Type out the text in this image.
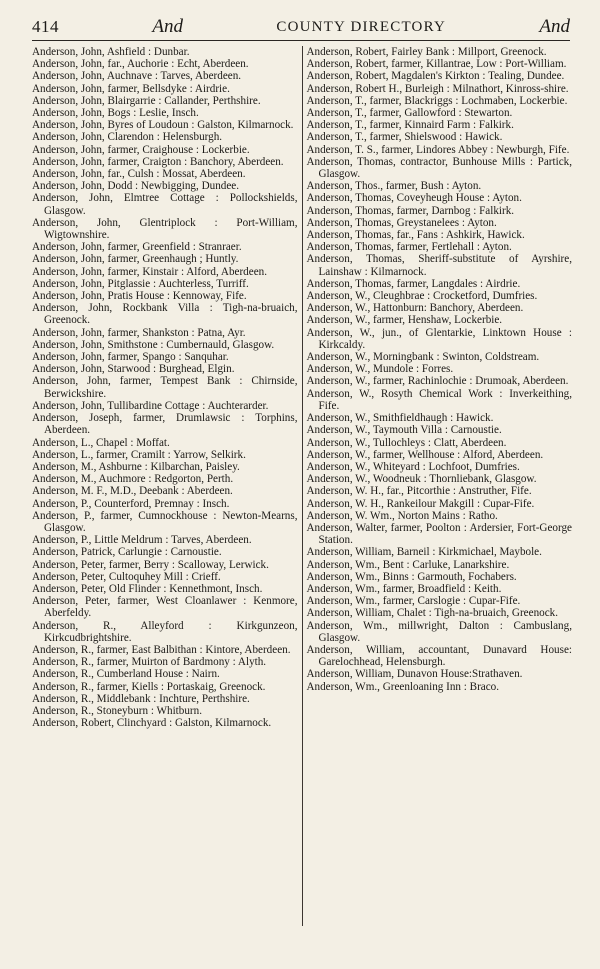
414	And	COUNTY DIRECTORY	And

Anderson, John, Ashfield : Dunbar.

Anderson, John, far., Auchorie : Echt, Aberdeen.

Anderson, John, Auchnave : Tarves, Aberdeen.

Anderson, John, farmer, Bellsdyke : Airdrie.

Anderson, John, Blairgarrie : Callander, Perthshire.

Anderson, John, Bogs : Leslie, Insch.

Anderson, John, Byres of Loudoun : Galston, Kilmarnock.

Anderson, John, Clarendon : Helensburgh.

Anderson, John, farmer, Craighouse : Lockerbie.

Anderson, John, farmer, Craigton : Banchory, Aberdeen.

Anderson, John, far., Culsh : Mossat, Aberdeen.

Anderson, John, Dodd : Newbigging, Dundee.

Anderson, John, Elmtree Cottage : Pollockshields, Glasgow.

Anderson, John, Glentriplock : Port-William, Wigtownshire.

Anderson, John, farmer, Greenfield : Stranraer.

Anderson, John, farmer, Greenhaugh ; Huntly.

Anderson, John, farmer, Kinstair : Alford, Aberdeen.

Anderson, John, Pitglassie : Auchterless, Turriff.

Anderson, John, Pratis House : Kennoway, Fife.

Anderson, John, Rockbank Villa : Tigh-na-bruaich, Greenock.

Anderson, John, farmer, Shankston : Patna, Ayr.

Anderson, John, Smithstone : Cumbernauld, Glasgow.

Anderson, John, farmer, Spango : Sanquhar.

Anderson, John, Starwood : Burghead, Elgin.

Anderson, John, farmer, Tempest Bank : Chirnside, Berwickshire.

Anderson, John, Tullibardine Cottage : Auchterarder.

Anderson, Joseph, farmer, Drumlawsic : Torphins, Aberdeen.

Anderson, L., Chapel : Moffat.

Anderson, L., farmer, Cramilt : Yarrow, Selkirk.

Anderson, M., Ashburne : Kilbarchan, Paisley.

Anderson, M., Auchmore : Redgorton, Perth.

Anderson, M. F., M.D., Deebank : Aberdeen.

Anderson, P., Counterford, Premnay : Insch.

Anderson, P., farmer, Cumnockhouse : Newton-Mearns, Glasgow.

Anderson, P., Little Meldrum : Tarves, Aberdeen.

Anderson, Patrick, Carlungie : Carnoustie.

Anderson, Peter, farmer, Berry : Scalloway, Lerwick.

Anderson, Peter, Cultoquhey Mill : Crieff.

Anderson, Peter, Old Flinder : Kennethmont, Insch.

Anderson, Peter, farmer, West Cloanlawer : Kenmore, Aberfeldy.

Anderson, R., Alleyford : Kirkgunzeon, Kirkcudbrightshire.

Anderson, R., farmer, East Balbithan : Kintore, Aberdeen.

Anderson, R., farmer, Muirton of Bardmony : Alyth.

Anderson, R., Cumberland House : Nairn.

Anderson, R., farmer, Kiells : Portaskaig, Greenock.

Anderson, R., Middlebank : Inchture, Perthshire.

Anderson, R., Stoneyburn : Whitburn.

Anderson, Robert, Clinchyard : Galston, Kilmarnock.

Anderson, Robert, Fairley Bank : Millport, Greenock.

Anderson, Robert, farmer, Killantrae, Low : Port-William.

Anderson, Robert, Magdalen's Kirkton : Tealing, Dundee.

Anderson, Robert H., Burleigh : Milnathort, Kinross-shire.

Anderson, T., farmer, Blackriggs : Lochmaben, Lockerbie.

Anderson, T., farmer, Gallowford : Stewarton.

Anderson, T., farmer, Kinnaird Farm : Falkirk.

Anderson, T., farmer, Shielswood : Hawick.

Anderson, T. S., farmer, Lindores Abbey : Newburgh, Fife.

Anderson, Thomas, contractor, Bunhouse Mills : Partick, Glasgow.

Anderson, Thos., farmer, Bush : Ayton.

Anderson, Thomas, Coveyheugh House : Ayton.

Anderson, Thomas, farmer, Darnbog : Falkirk.

Anderson, Thomas, Greystanelees : Ayton.

Anderson, Thomas, far., Fans : Ashkirk, Hawick.

Anderson, Thomas, farmer, Fertlehall : Ayton.

Anderson, Thomas, Sheriff-substitute of Ayrshire, Lainshaw : Kilmarnock.

Anderson, Thomas, farmer, Langdales : Airdrie.

Anderson, W., Cleughbrae : Crocketford, Dumfries.

Anderson, W., Hattonburn: Banchory, Aberdeen.

Anderson, W., farmer, Henshaw, Lockerbie.

Anderson, W., jun., of Glentarkie, Linktown House : Kirkcaldy.

Anderson, W., Morningbank : Swinton, Coldstream.

Anderson, W., Mundole : Forres.

Anderson, W., farmer, Rachinlochie : Drumoak, Aberdeen.

Anderson, W., Rosyth Chemical Work : Inverkeithing, Fife.

Anderson, W., Smithfieldhaugh : Hawick.

Anderson, W., Taymouth Villa : Carnoustie.

Anderson, W., Tullochleys : Clatt, Aberdeen.

Anderson, W., farmer, Wellhouse : Alford, Aberdeen.

Anderson, W., Whiteyard : Lochfoot, Dumfries.

Anderson, W., Woodneuk : Thornliebank, Glasgow.

Anderson, W. H., far., Pitcorthie : Anstruther, Fife.

Anderson, W. H., Rankeilour Makgill : Cupar-Fife.

Anderson, W. Wm., Norton Mains : Ratho.

Anderson, Walter, farmer, Poolton : Ardersier, Fort-George Station.

Anderson, William, Barneil : Kirkmichael, Maybole.

Anderson, Wm., Bent : Carluke, Lanarkshire.

Anderson, Wm., Binns : Garmouth, Fochabers.

Anderson, Wm., farmer, Broadfield : Keith.

Anderson, Wm., farmer, Carslogie : Cupar-Fife.

Anderson, William, Chalet : Tigh-na-bruaich, Greenock.

Anderson, Wm., millwright, Dalton : Cambuslang, Glasgow.

Anderson, William, accountant, Dunavard House: Garelochhead, Helensburgh.

Anderson, William, Dunavon House:Strathaven.

Anderson, Wm., Greenloaning Inn : Braco.
